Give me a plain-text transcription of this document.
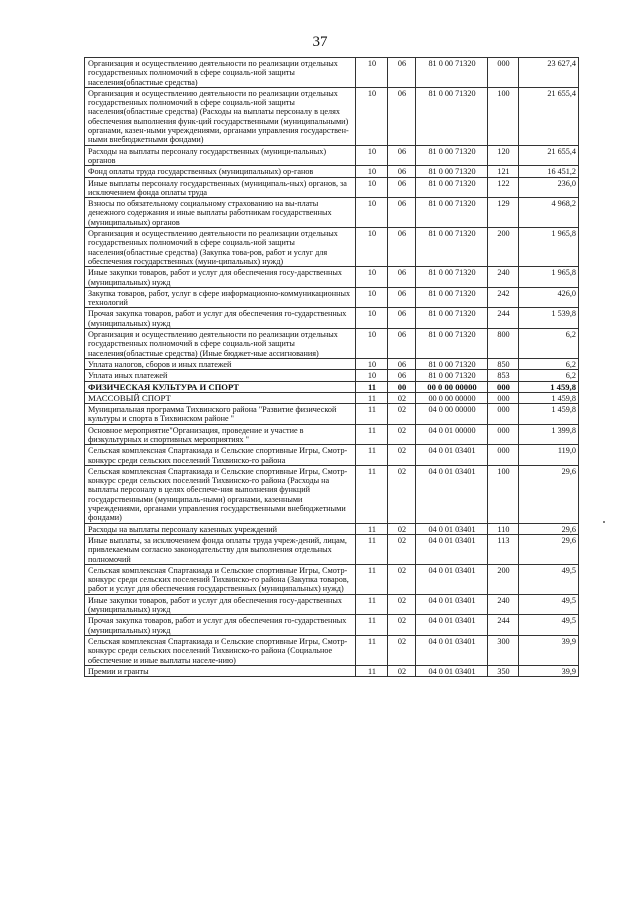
37
Организация и осуществлению деятельности по реализации отдельных государственных полномочий в сфере социаль-ной защиты населения(областные средства)	10	06	81 0 00 71320	000	23 627,4
Организация и осуществлению деятельности по реализации отдельных государственных полномочий в сфере социаль-ной защиты населения(областные средства) (Расходы на выплаты персоналу в целях обеспечения выполнения функ-ций государственными (муниципальными) органами, казен-ными учреждениями, органами управления государствен-ными внебюджетными фондами)	10	06	81 0 00 71320	100	21 655,4
Расходы на выплаты персоналу государственных (муници-пальных) органов	10	06	81 0 00 71320	120	21 655,4
Фонд оплаты труда государственных (муниципальных) ор-ганов	10	06	81 0 00 71320	121	16 451,2
Иные выплаты персоналу государственных (муниципаль-ных) органов, за исключением фонда оплаты труда	10	06	81 0 00 71320	122	236,0
Взносы по обязательному социальному страхованию на вы-платы денежного содержания и иные выплаты работникам государственных (муниципальных) органов	10	06	81 0 00 71320	129	4 968,2
Организация и осуществлению деятельности по реализации отдельных государственных полномочий в сфере социаль-ной защиты населения(областные средства) (Закупка това-ров, работ и услуг для обеспечения государственных (муни-ципальных) нужд)	10	06	81 0 00 71320	200	1 965,8
Иные закупки товаров, работ и услуг для обеспечения госу-дарственных (муниципальных) нужд	10	06	81 0 00 71320	240	1 965,8
Закупка товаров, работ, услуг в сфере информационно-коммуникационных технологий	10	06	81 0 00 71320	242	426,0
Прочая закупка товаров, работ и услуг для обеспечения го-сударственных (муниципальных) нужд	10	06	81 0 00 71320	244	1 539,8
Организация и осуществлению деятельности по реализации отдельных государственных полномочий в сфере социаль-ной защиты населения(областные средства) (Иные бюджет-ные ассигнования)	10	06	81 0 00 71320	800	6,2
Уплата налогов, сборов и иных платежей	10	06	81 0 00 71320	850	6,2
Уплата иных платежей	10	06	81 0 00 71320	853	6,2
ФИЗИЧЕСКАЯ КУЛЬТУРА И СПОРТ	11	00	00 0 00 00000	000	1 459,8
МАССОВЫЙ СПОРТ	11	02	00 0 00 00000	000	1 459,8
Муниципальная программа Тихвинского района "Развитие физической культуры и спорта в Тихвинском районе "	11	02	04 0 00 00000	000	1 459,8
Основное мероприятие"Организация, проведение и участие в физкультурных и спортивных мероприятиях "	11	02	04 0 01 00000	000	1 399,8
Сельская комплексная Спартакиада и Сельские спортивные Игры, Смотр-конкурс среди сельских поселений Тихвинско-го района	11	02	04 0 01 03401	000	119,0
Сельская комплексная Спартакиада и Сельские спортивные Игры, Смотр-конкурс среди сельских поселений Тихвинско-го района (Расходы на выплаты персоналу в целях обеспече-ния выполнения функций государственными (муниципаль-ными) органами, казенными учреждениями, органами управления государственными внебюджетными фондами)	11	02	04 0 01 03401	100	29,6
Расходы на выплаты персоналу казенных учреждений	11	02	04 0 01 03401	110	29,6
Иные выплаты, за исключением фонда оплаты труда учреж-дений, лицам, привлекаемым согласно законодательству для выполнения отдельных полномочий	11	02	04 0 01 03401	113	29,6
Сельская комплексная Спартакиада и Сельские спортивные Игры, Смотр-конкурс среди сельских поселений Тихвинско-го района (Закупка товаров, работ и услуг для обеспечения государственных (муниципальных) нужд)	11	02	04 0 01 03401	200	49,5
Иные закупки товаров, работ и услуг для обеспечения госу-дарственных (муниципальных) нужд	11	02	04 0 01 03401	240	49,5
Прочая закупка товаров, работ и услуг для обеспечения го-сударственных (муниципальных) нужд	11	02	04 0 01 03401	244	49,5
Сельская комплексная Спартакиада и Сельские спортивные Игры, Смотр-конкурс среди сельских поселений Тихвинско-го района (Социальное обеспечение и иные выплаты населе-нию)	11	02	04 0 01 03401	300	39,9
Премии и гранты	11	02	04 0 01 03401	350	39,9
